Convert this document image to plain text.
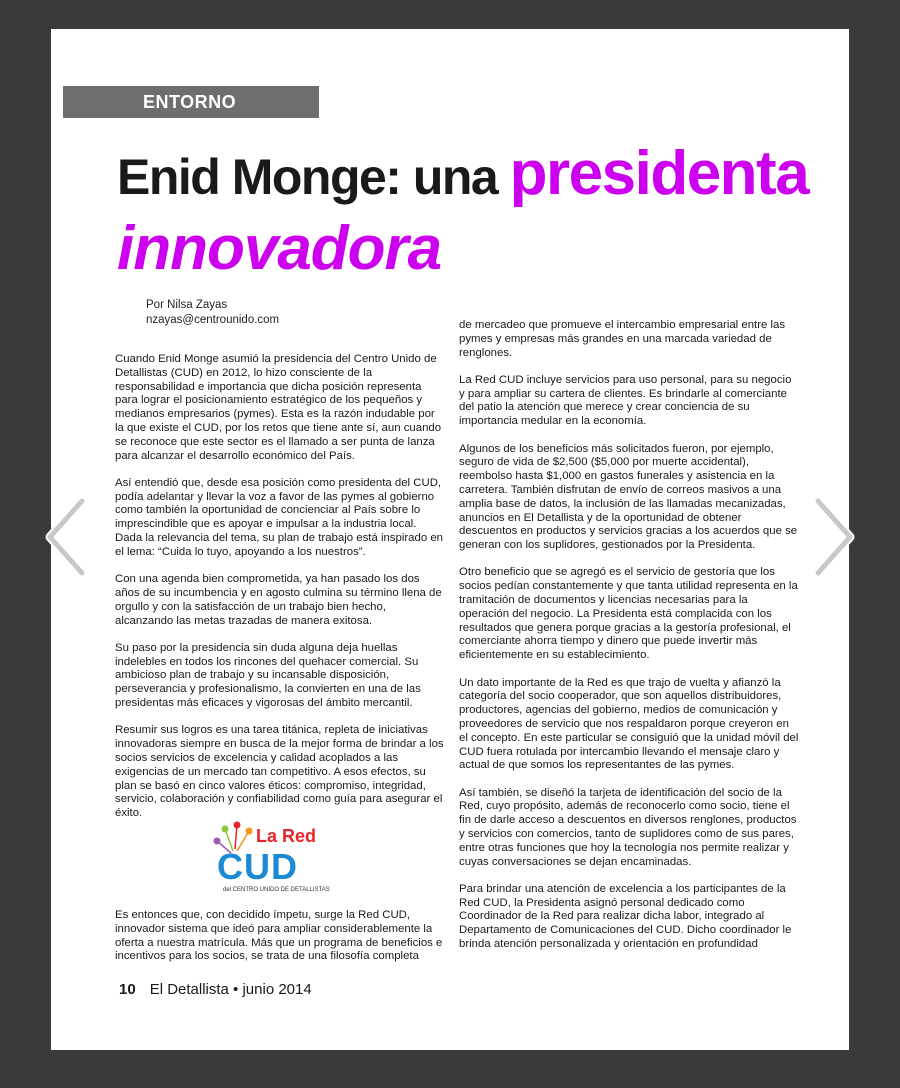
ENTORNO
Enid Monge: una presidenta
innovadora
Por Nilsa Zayas
nzayas@centrounido.com

Cuando Enid Monge asumió la presidencia del Centro Unido de Detallistas (CUD) en 2012, lo hizo consciente de la responsabilidad e importancia que dicha posición representa para lograr el posicionamiento estratégico de los pequeños y medianos empresarios (pymes). Esta es la razón indudable por la que existe el CUD, por los retos que tiene ante sí, aun cuando se reconoce que este sector es el llamado a ser punta de lanza para alcanzar el desarrollo económico del País.

Así entendió que, desde esa posición como presidenta del CUD, podía adelantar y llevar la voz a favor de las pymes al gobierno como también la oportunidad de concienciar al País sobre lo imprescindible que es apoyar e impulsar a la industria local. Dada la relevancia del tema, su plan de trabajo está inspirado en el lema: “Cuida lo tuyo, apoyando a los nuestros”.

Con una agenda bien comprometida, ya han pasado los dos años de su incumbencia y en agosto culmina su término llena de orgullo y con la satisfacción de un trabajo bien hecho, alcanzando las metas trazadas de manera exitosa.

Su paso por la presidencia sin duda alguna deja huellas indelebles en todos los rincones del quehacer comercial. Su ambicioso plan de trabajo y su incansable disposición, perseverancia y profesionalismo, la convierten en una de las presidentas más eficaces y vigorosas del ámbito mercantil.

Resumir sus logros es una tarea titánica, repleta de iniciativas innovadoras siempre en busca de la mejor forma de brindar a los socios servicios de excelencia y calidad acoplados a las exigencias de un mercado tan competitivo. A esos efectos, su plan se basó en cinco valores éticos: compromiso, integridad, servicio, colaboración y confiabilidad como guía para asegurar el éxito.

La Red
CUD
del CENTRO UNIDO DE DETALLISTAS

Es entonces que, con decidido ímpetu, surge la Red CUD, innovador sistema que ideó para ampliar considerablemente la oferta a nuestra matrícula. Más que un programa de beneficios e incentivos para los socios, se trata de una filosofía completa

de mercadeo que promueve el intercambio empresarial entre las pymes y empresas más grandes en una marcada variedad de renglones.

La Red CUD incluye servicios para uso personal, para su negocio y para ampliar su cartera de clientes. Es brindarle al comerciante del patio la atención que merece y crear conciencia de su importancia medular en la economía.

Algunos de los beneficios más solicitados fueron, por ejemplo, seguro de vida de $2,500 ($5,000 por muerte accidental), reembolso hasta $1,000 en gastos funerales y asistencia en la carretera. También disfrutan de envío de correos masivos a una amplia base de datos, la inclusión de las llamadas mecanizadas, anuncios en El Detallista y de la oportunidad de obtener descuentos en productos y servicios gracias a los acuerdos que se generan con los suplidores, gestionados por la Presidenta.

Otro beneficio que se agregó es el servicio de gestoría que los socios pedían constantemente y que tanta utilidad representa en la tramitación de documentos y licencias necesarias para la operación del negocio. La Presidenta está complacida con los resultados que genera porque gracias a la gestoría profesional, el comerciante ahorra tiempo y dinero que puede invertir más eficientemente en su establecimiento.

Un dato importante de la Red es que trajo de vuelta y afianzó la categoría del socio cooperador, que son aquellos distribuidores, productores, agencias del gobierno, medios de comunicación y proveedores de servicio que nos respaldaron porque creyeron en el concepto. En este particular se consiguió que la unidad móvil del CUD fuera rotulada por intercambio llevando el mensaje claro y actual de que somos los representantes de las pymes.

Así también, se diseñó la tarjeta de identificación del socio de la Red, cuyo propósito, además de reconocerlo como socio, tiene el fin de darle acceso a descuentos en diversos renglones, productos y servicios con comercios, tanto de suplidores como de sus pares, entre otras funciones que hoy la tecnología nos permite realizar y cuyas conversaciones se dejan encaminadas.

Para brindar una atención de excelencia a los participantes de la Red CUD, la Presidenta asignó personal dedicado como Coordinador de la Red para realizar dicha labor, integrado al Departamento de Comunicaciones del CUD. Dicho coordinador le brinda atención personalizada y orientación en profundidad

10 El Detallista • junio 2014
